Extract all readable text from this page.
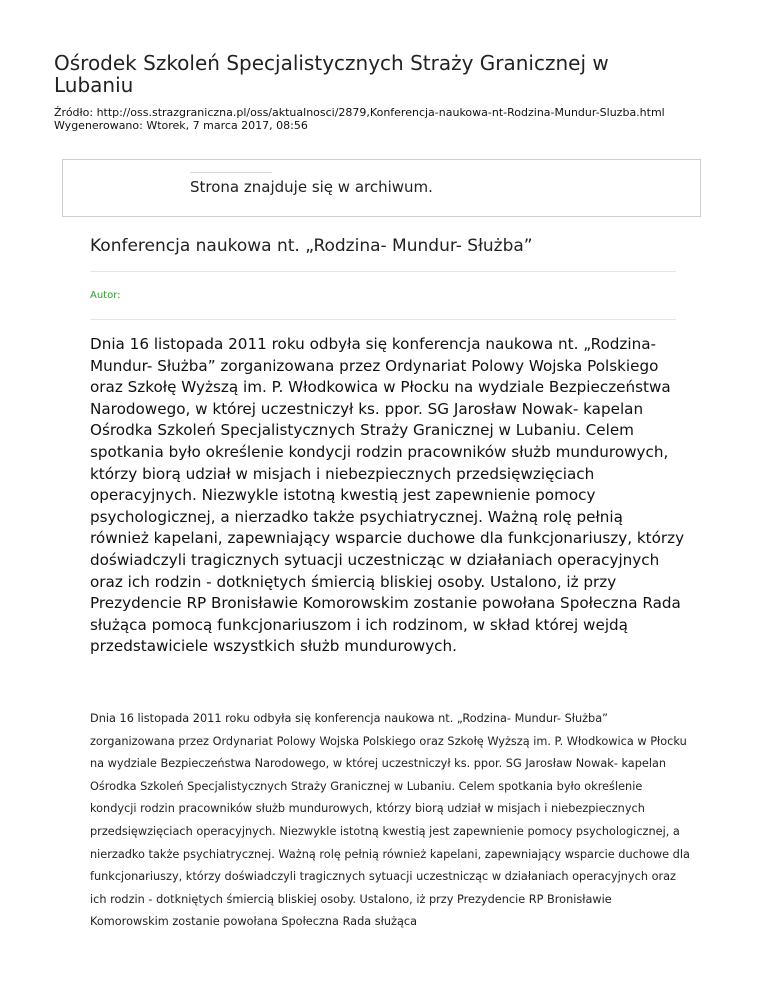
Ośrodek Szkoleń Specjalistycznych Straży Granicznej w Lubaniu
Źródło: http://oss.strazgraniczna.pl/oss/aktualnosci/2879,Konferencja-naukowa-nt-Rodzina-Mundur-Sluzba.html
Wygenerowano: Wtorek, 7 marca 2017, 08:56
Strona znajduje się w archiwum.
Konferencja naukowa nt. „Rodzina- Mundur- Służba”
Autor:

Dnia 16 listopada 2011 roku odbyła się konferencja naukowa nt. „Rodzina- Mundur- Służba” zorganizowana przez Ordynariat Polowy Wojska Polskiego oraz Szkołę Wyższą im. P. Włodkowica w Płocku na wydziale Bezpieczeństwa Narodowego, w której uczestniczył ks. ppor. SG Jarosław Nowak- kapelan Ośrodka Szkoleń Specjalistycznych Straży Granicznej w Lubaniu. Celem spotkania było określenie kondycji rodzin pracowników służb mundurowych, którzy biorą udział w misjach i niebezpiecznych przedsięwzięciach operacyjnych. Niezwykle istotną kwestią jest zapewnienie pomocy psychologicznej, a nierzadko także psychiatrycznej. Ważną rolę pełnią również kapelani, zapewniający wsparcie duchowe dla funkcjonariuszy, którzy doświadczyli tragicznych sytuacji uczestnicząc w działaniach operacyjnych oraz ich rodzin - dotkniętych śmiercią bliskiej osoby. Ustalono, iż przy Prezydencie RP Bronisławie Komorowskim zostanie powołana Społeczna Rada służąca pomocą funkcjonariuszom i ich rodzinom, w skład której wejdą przedstawiciele wszystkich służb mundurowych.

Dnia 16 listopada 2011 roku odbyła się konferencja naukowa nt. „Rodzina- Mundur- Służba” zorganizowana przez Ordynariat Polowy Wojska Polskiego oraz Szkołę Wyższą im. P. Włodkowica w Płocku na wydziale Bezpieczeństwa Narodowego, w której uczestniczył ks. ppor. SG Jarosław Nowak- kapelan Ośrodka Szkoleń Specjalistycznych Straży Granicznej w Lubaniu. Celem spotkania było określenie kondycji rodzin pracowników służb mundurowych, którzy biorą udział w misjach i niebezpiecznych przedsięwzięciach operacyjnych. Niezwykle istotną kwestią jest zapewnienie pomocy psychologicznej, a nierzadko także psychiatrycznej. Ważną rolę pełnią również kapelani, zapewniający wsparcie duchowe dla funkcjonariuszy, którzy doświadczyli tragicznych sytuacji uczestnicząc w działaniach operacyjnych oraz ich rodzin - dotkniętych śmiercią bliskiej osoby. Ustalono, iż przy Prezydencie RP Bronisławie Komorowskim zostanie powołana Społeczna Rada służąca
